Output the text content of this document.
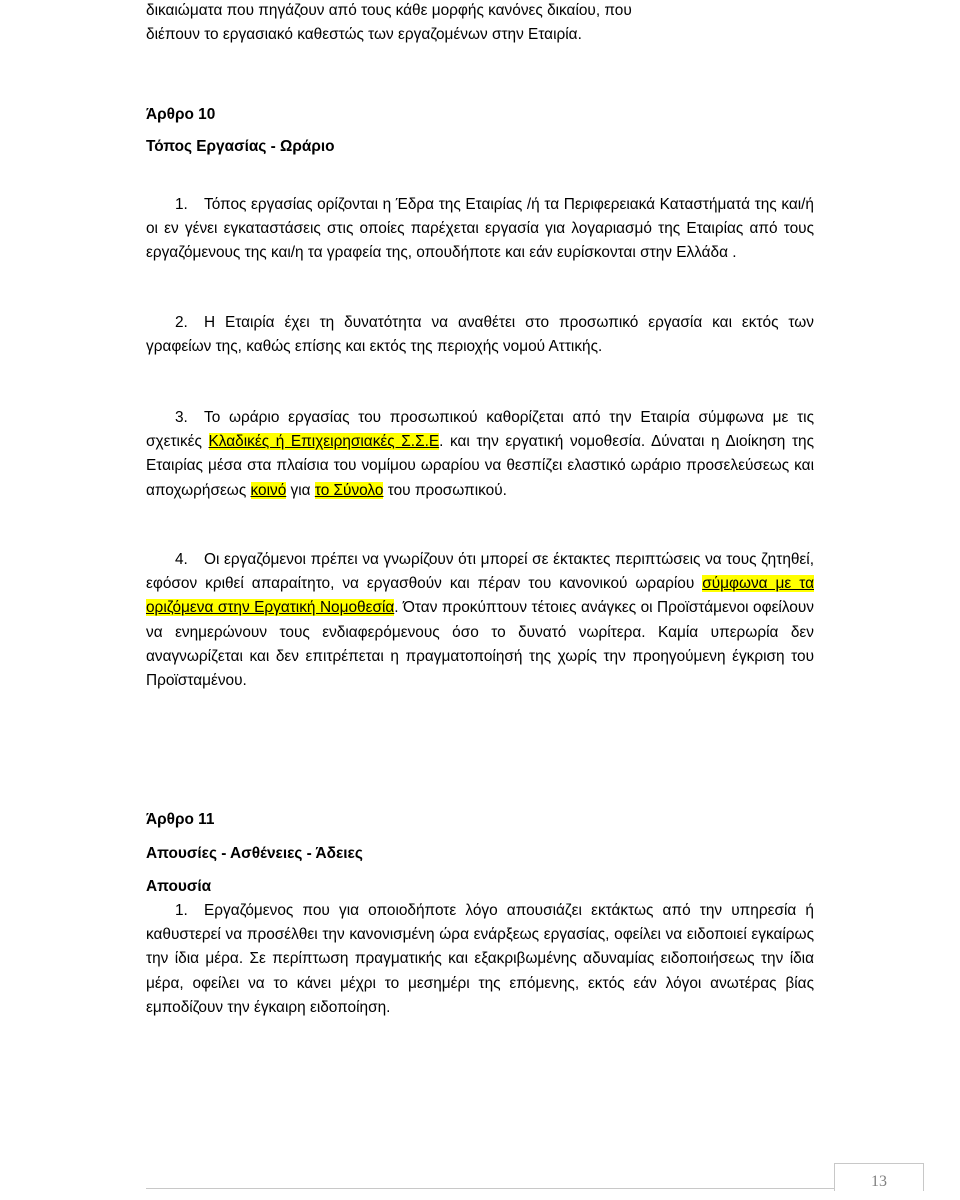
δικαιώματα που πηγάζουν από τους κάθε μορφής κανόνες δικαίου, που
διέπουν το εργασιακό καθεστώς των εργαζομένων στην Εταιρία.
Άρθρο 10
Τόπος Εργασίας - Ωράριο
1. Τόπος εργασίας ορίζονται η Έδρα της Εταιρίας /ή τα Περιφερειακά Καταστήματά της και/ή οι εν γένει εγκαταστάσεις στις οποίες παρέχεται εργασία για λογαριασμό της Εταιρίας από τους εργαζόμενους της και/η τα γραφεία της, οπουδήποτε και εάν ευρίσκονται στην Ελλάδα .
2. Η Εταιρία έχει τη δυνατότητα να αναθέτει στο προσωπικό εργασία και εκτός των γραφείων της, καθώς επίσης και εκτός της περιοχής νομού Αττικής.
3. Το ωράριο εργασίας του προσωπικού καθορίζεται από την Εταιρία σύμφωνα με τις σχετικές Κλαδικές ή Επιχειρησιακές Σ.Σ.Ε. και την εργατική νομοθεσία. Δύναται η Διοίκηση της Εταιρίας μέσα στα πλαίσια του νομίμου ωραρίου να θεσπίζει ελαστικό ωράριο προσελεύσεως και αποχωρήσεως κοινό για το Σύνολο του προσωπικού.
4. Οι εργαζόμενοι πρέπει να γνωρίζουν ότι μπορεί σε έκτακτες περιπτώσεις να τους ζητηθεί, εφόσον κριθεί απαραίτητο, να εργασθούν και πέραν του κανονικού ωραρίου σύμφωνα με τα οριζόμενα στην Εργατική Νομοθεσία. Όταν προκύπτουν τέτοιες ανάγκες οι Προϊστάμενοι οφείλουν να ενημερώνουν τους ενδιαφερόμενους όσο το δυνατό νωρίτερα. Καμία υπερωρία δεν αναγνωρίζεται και δεν επιτρέπεται η πραγματοποίησή της χωρίς την προηγούμενη έγκριση του Προϊσταμένου.
Άρθρο 11
Απουσίες - Ασθένειες - Άδειες
Απουσία
1. Εργαζόμενος που για οποιοδήποτε λόγο απουσιάζει εκτάκτως από την υπηρεσία ή καθυστερεί να προσέλθει την κανονισμένη ώρα ενάρξεως εργασίας, οφείλει να ειδοποιεί εγκαίρως την ίδια μέρα. Σε περίπτωση πραγματικής και εξακριβωμένης αδυναμίας ειδοποιήσεως την ίδια μέρα, οφείλει να το κάνει μέχρι το μεσημέρι της επόμενης, εκτός εάν λόγοι ανωτέρας βίας εμποδίζουν την έγκαιρη ειδοποίηση.
13
